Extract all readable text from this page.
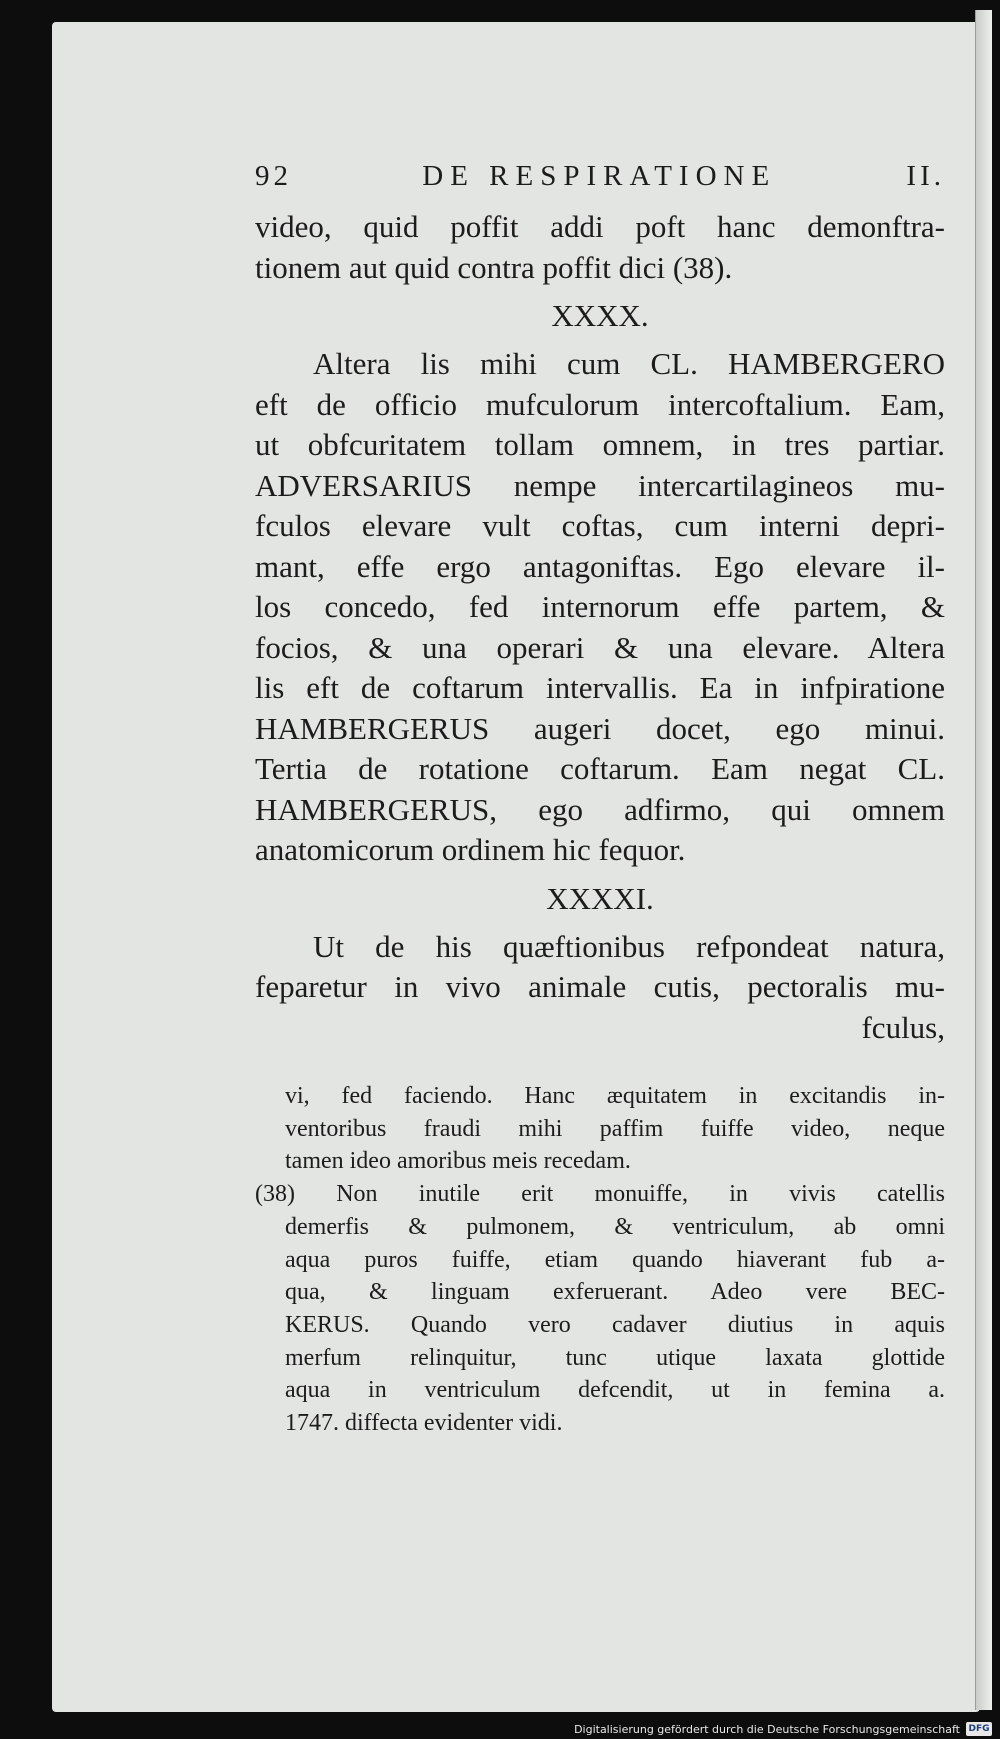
92	DE RESPIRATIONE	II.
video, quid poffit addi poft hanc demonftra-
tionem aut quid contra poffit dici (38).
XXXX.
Altera lis mihi cum CL. HAMBERGERO
eft de officio mufculorum intercoftalium. Eam,
ut obfcuritatem tollam omnem, in tres partiar.
ADVERSARIUS nempe intercartilagineos mu-
fculos elevare vult coftas, cum interni depri-
mant, effe ergo antagoniftas. Ego elevare il-
los concedo, fed internorum effe partem, &
focios, & una operari & una elevare. Altera
lis eft de coftarum intervallis. Ea in infpiratione
HAMBERGERUS augeri docet, ego minui.
Tertia de rotatione coftarum. Eam negat CL.
HAMBERGERUS, ego adfirmo, qui omnem
anatomicorum ordinem hic fequor.
XXXXI.
Ut de his quæftionibus refpondeat natura,
feparetur in vivo animale cutis, pectoralis mu-
fculus,
vi, fed faciendo. Hanc æquitatem in excitandis in-
ventoribus fraudi mihi paffim fuiffe video, neque
tamen ideo amoribus meis recedam.
(38) Non inutile erit monuiffe, in vivis catellis
demerfis & pulmonem, & ventriculum, ab omni
aqua puros fuiffe, etiam quando hiaverant fub a-
qua, & linguam exferuerant. Adeo vere BEC-
KERUS. Quando vero cadaver diutius in aquis
merfum relinquitur, tunc utique laxata glottide
aqua in ventriculum defcendit, ut in femina a.
1747. diffecta evidenter vidi.
Digitalisierung gefördert durch die Deutsche Forschungsgemeinschaft DFG
